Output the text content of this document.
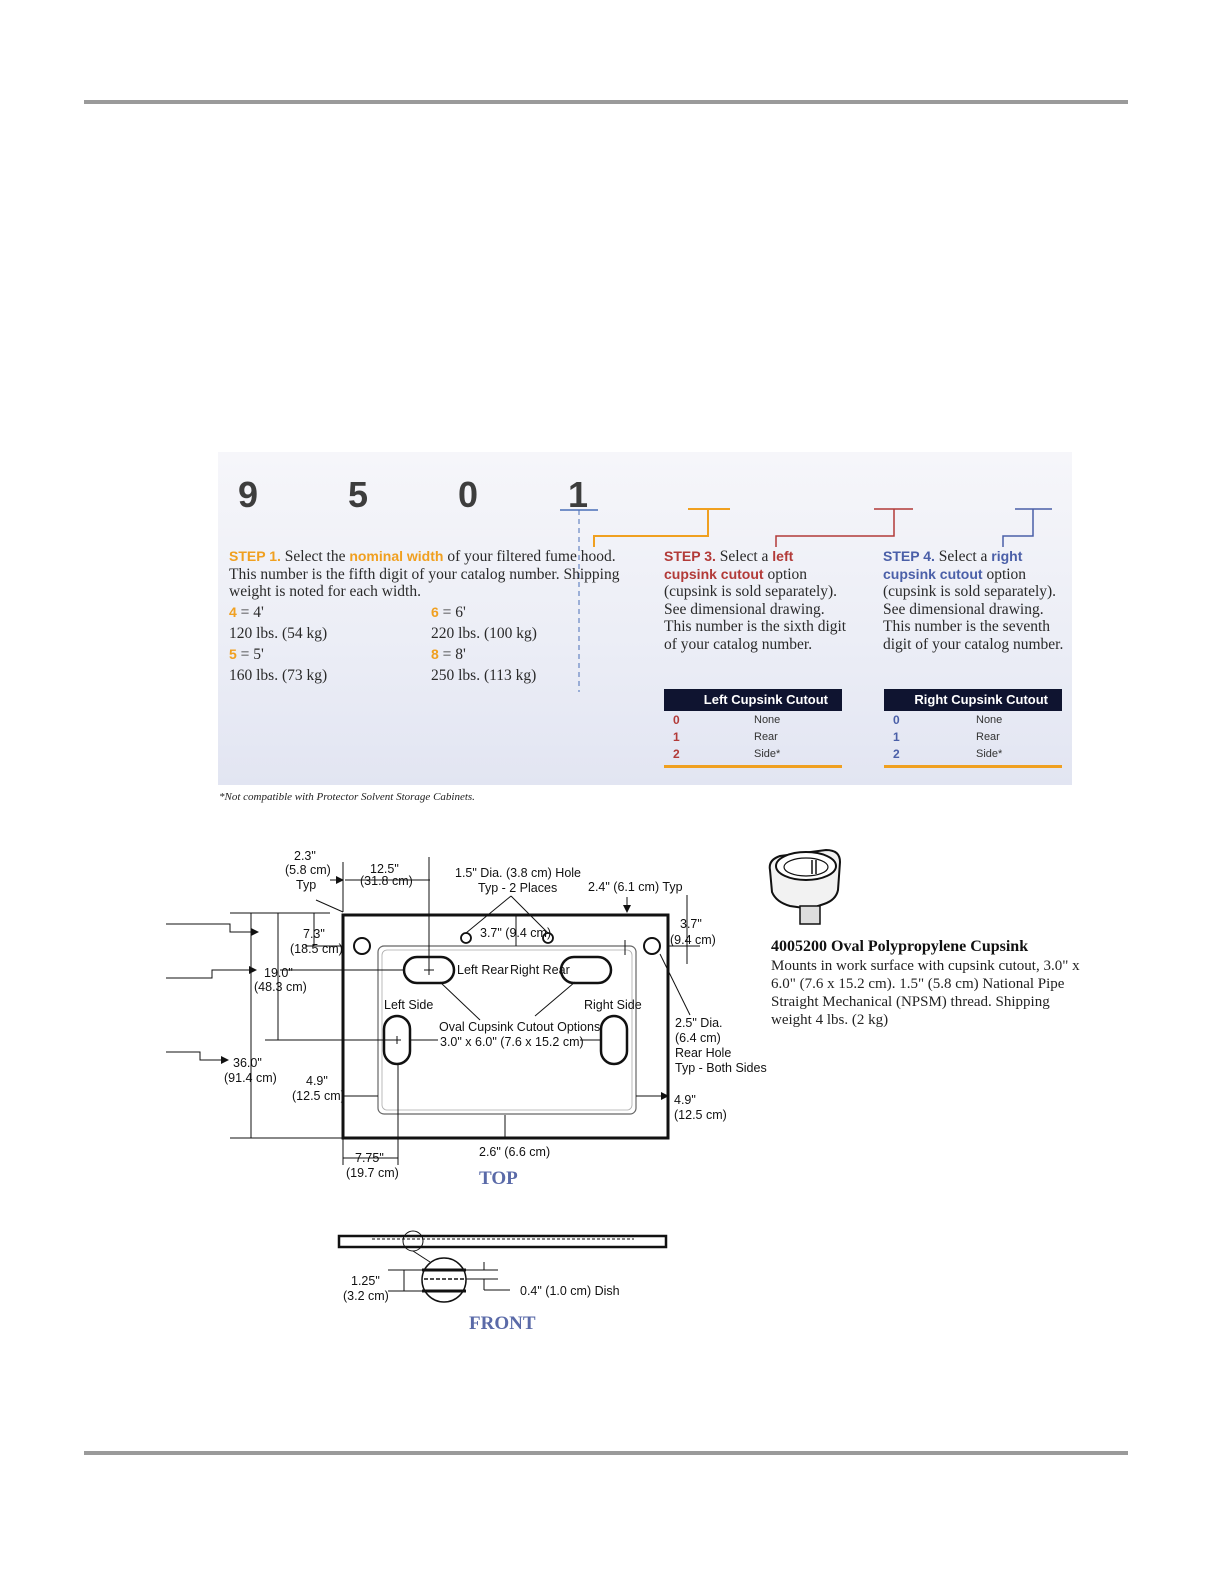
9 5 0 1
STEP 1. Select the nominal width of your filtered fume hood. This number is the fifth digit of your catalog number. Shipping weight is noted for each width.
4 = 4'
120 lbs. (54 kg)
5 = 5'
160 lbs. (73 kg)
6 = 6'
220 lbs. (100 kg)
8 = 8'
250 lbs. (113 kg)
STEP 3. Select a left cupsink cutout option (cupsink is sold separately). See dimensional drawing. This number is the sixth digit of your catalog number.
Left Cupsink Cutout
0	None
1	Rear
2	Side*
STEP 4. Select a right cupsink cutout option (cupsink is sold separately). See dimensional drawing. This number is the seventh digit of your catalog number.
Right Cupsink Cutout
0	None
1	Rear
2	Side*
*Not compatible with Protector Solvent Storage Cabinets.
2.3"
(5.8 cm)
Typ
12.5"
(31.8 cm)
1.5" Dia. (3.8 cm) Hole
Typ - 2 Places 2.4" (6.1 cm) Typ
3.7" (9.4 cm)
3.7"
(9.4 cm)
7.3"
(18.5 cm)
19.0"
(48.3 cm)
36.0"
(91.4 cm)
Left Rear Right Rear
Left Side	Right Side
Oval Cupsink Cutout Options
3.0" x 6.0" (7.6 x 15.2 cm)
2.5" Dia.
(6.4 cm)
Rear Hole
Typ - Both Sides
4.9"
(12.5 cm)	4.9"
(12.5 cm)
2.6" (6.6 cm)
7.75"
(19.7 cm)
1.25"
(3.2 cm)	0.4" (1.0 cm) Dish
TOP
FRONT
4005200 Oval Polypropylene Cupsink
Mounts in work surface with cupsink cutout, 3.0" x 6.0" (7.6 x 15.2 cm). 1.5" (5.8 cm) National Pipe Straight Mechanical (NPSM) thread. Shipping weight 4 lbs. (2 kg)
